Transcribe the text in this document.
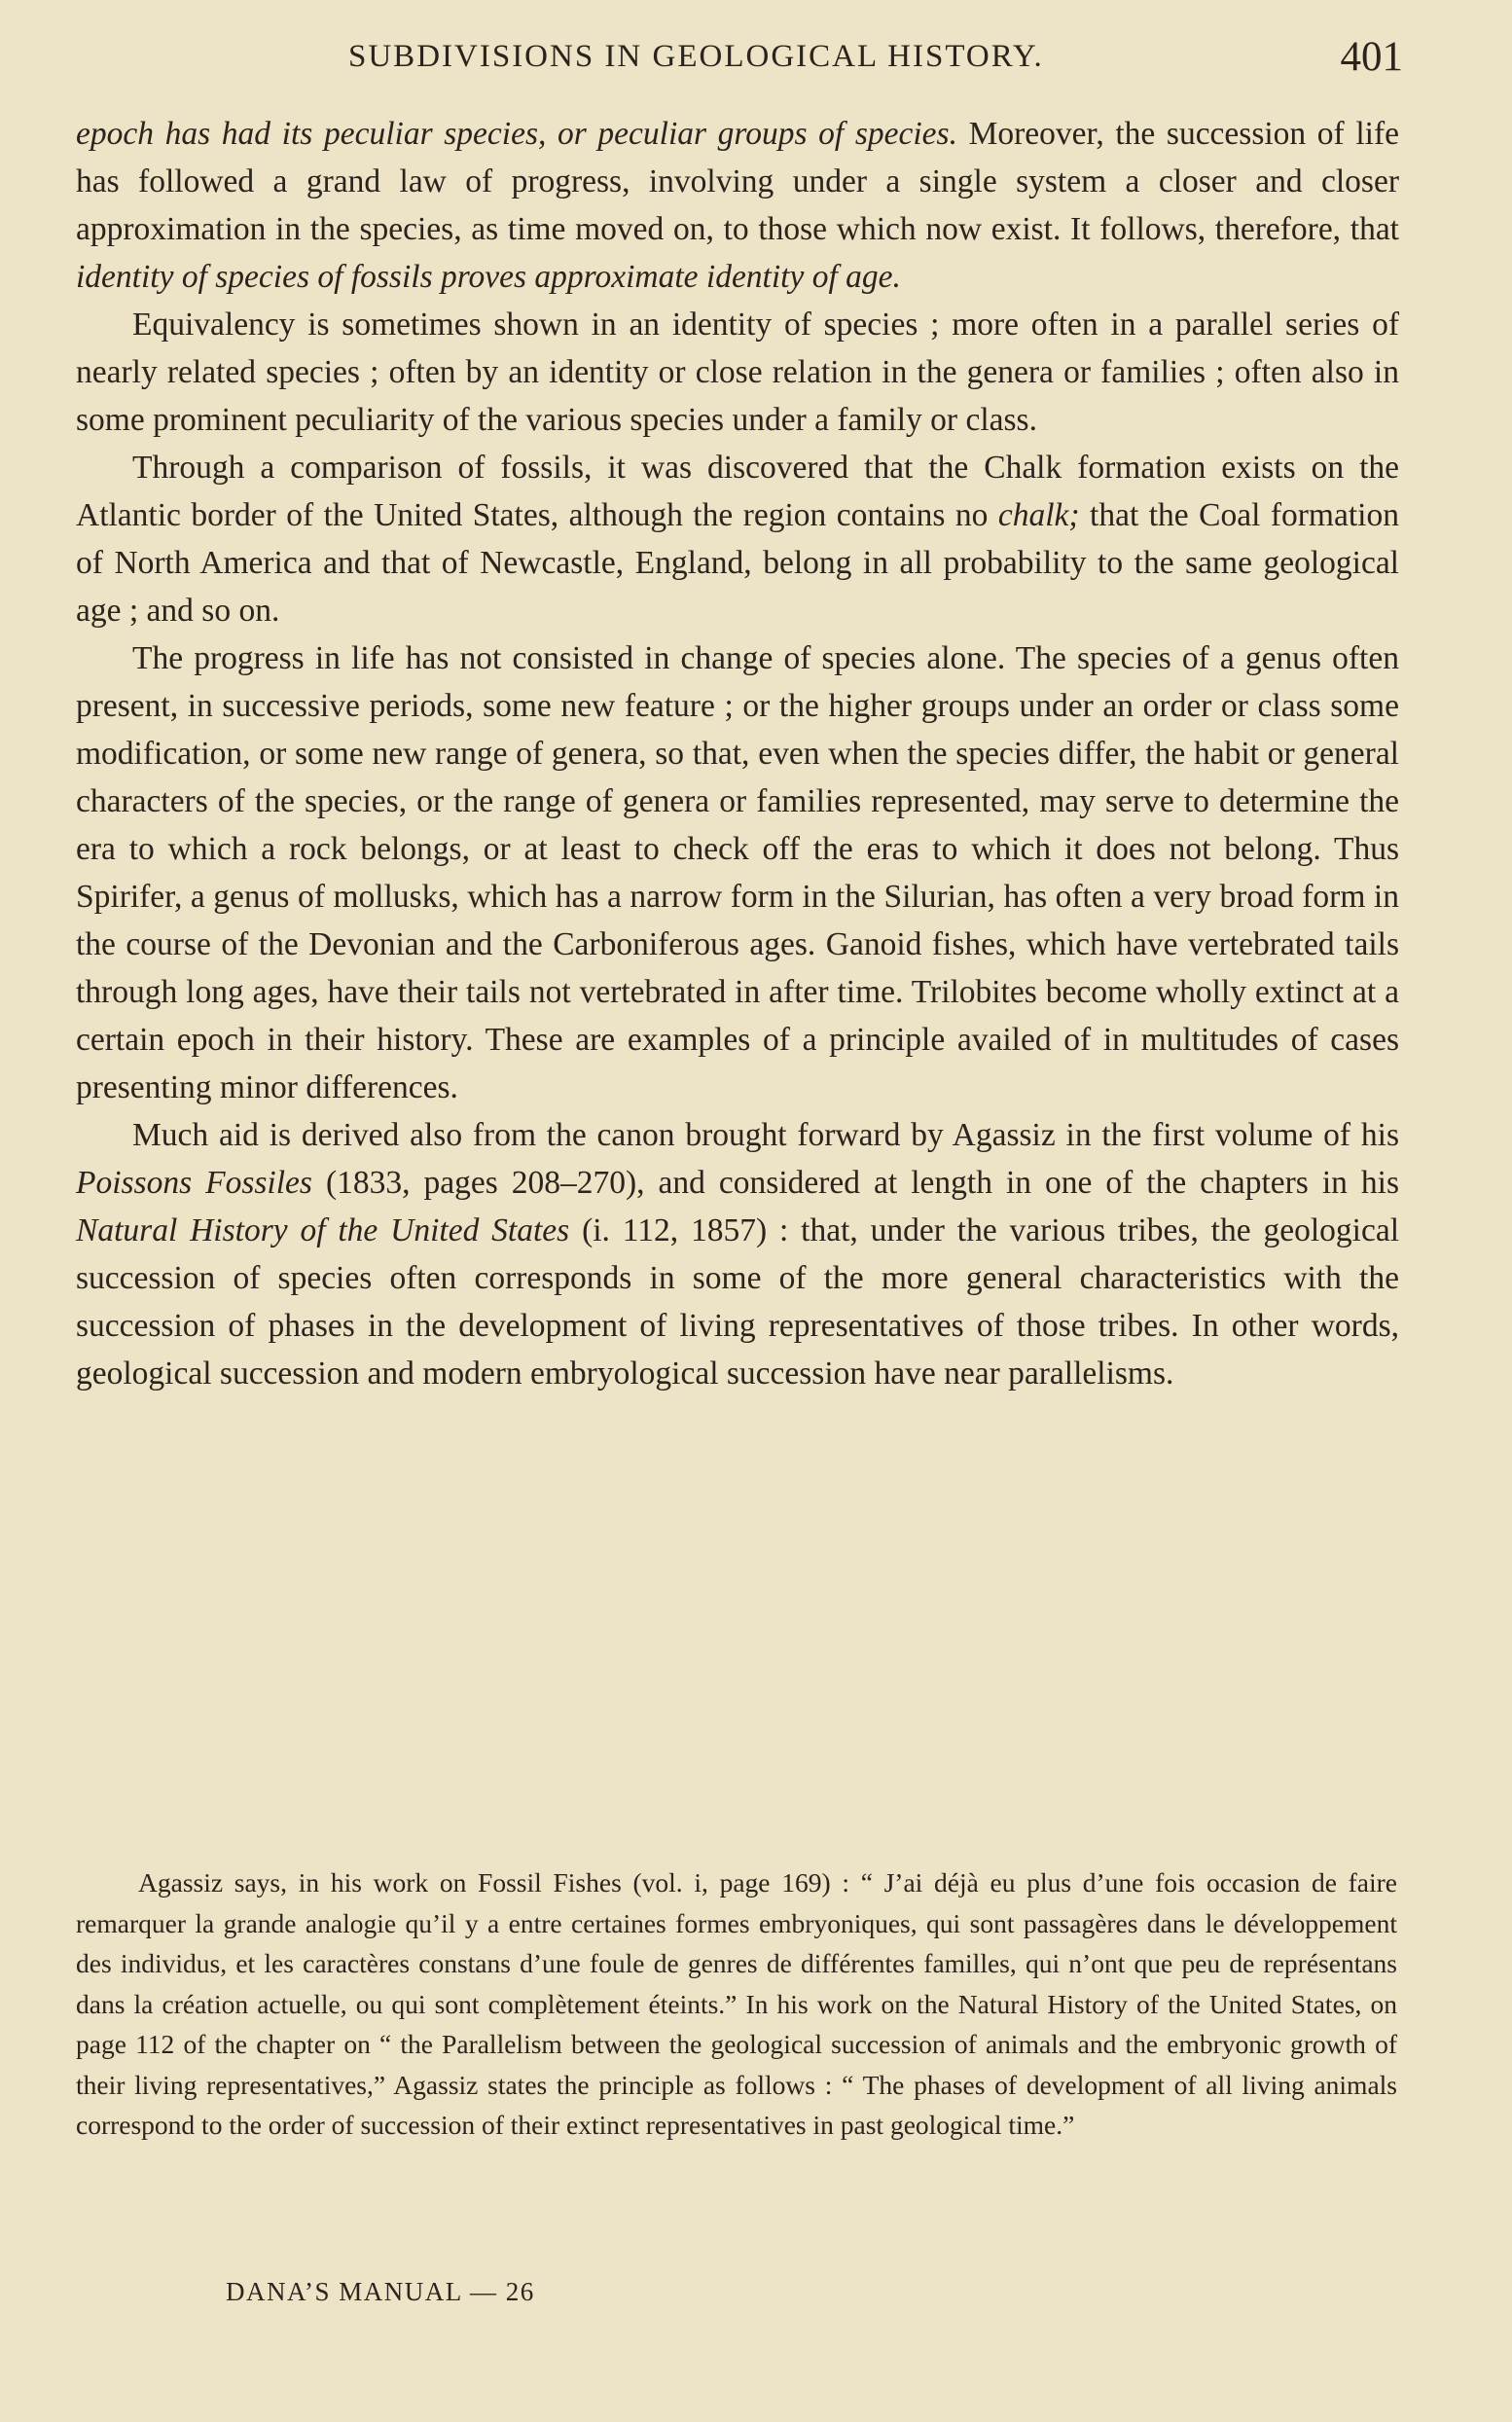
SUBDIVISIONS IN GEOLOGICAL HISTORY.	401

epoch has had its peculiar species, or peculiar groups of species. Moreover, the succession of life has followed a grand law of progress, involving under a single system a closer and closer approximation in the species, as time moved on, to those which now exist. It follows, therefore, that identity of species of fossils proves approximate identity of age.

Equivalency is sometimes shown in an identity of species ; more often in a parallel series of nearly related species ; often by an identity or close relation in the genera or families ; often also in some prominent peculiarity of the various species under a family or class.

Through a comparison of fossils, it was discovered that the Chalk formation exists on the Atlantic border of the United States, although the region contains no chalk; that the Coal formation of North America and that of Newcastle, England, belong in all probability to the same geological age ; and so on.

The progress in life has not consisted in change of species alone. The species of a genus often present, in successive periods, some new feature ; or the higher groups under an order or class some modification, or some new range of genera, so that, even when the species differ, the habit or general characters of the species, or the range of genera or families represented, may serve to determine the era to which a rock belongs, or at least to check off the eras to which it does not belong. Thus Spirifer, a genus of mollusks, which has a narrow form in the Silurian, has often a very broad form in the course of the Devonian and the Carboniferous ages. Ganoid fishes, which have vertebrated tails through long ages, have their tails not vertebrated in after time. Trilobites become wholly extinct at a certain epoch in their history. These are examples of a principle availed of in multitudes of cases presenting minor differences.

Much aid is derived also from the canon brought forward by Agassiz in the first volume of his Poissons Fossiles (1833, pages 208–270), and considered at length in one of the chapters in his Natural History of the United States (i. 112, 1857) : that, under the various tribes, the geological succession of species often corresponds in some of the more general characteristics with the succession of phases in the development of living representatives of those tribes. In other words, geological succession and modern embryological succession have near parallelisms.

Agassiz says, in his work on Fossil Fishes (vol. i, page 169) : “ J’ai déjà eu plus d’une fois occasion de faire remarquer la grande analogie qu’il y a entre certaines formes embryoniques, qui sont passagères dans le développement des individus, et les caractères constans d’une foule de genres de différentes familles, qui n’ont que peu de représentans dans la création actuelle, ou qui sont complètement éteints.” In his work on the Natural History of the United States, on page 112 of the chapter on “ the Parallelism between the geological succession of animals and the embryonic growth of their living representatives,” Agassiz states the principle as follows : “ The phases of development of all living animals correspond to the order of succession of their extinct representatives in past geological time.”
DANA’S MANUAL — 26
